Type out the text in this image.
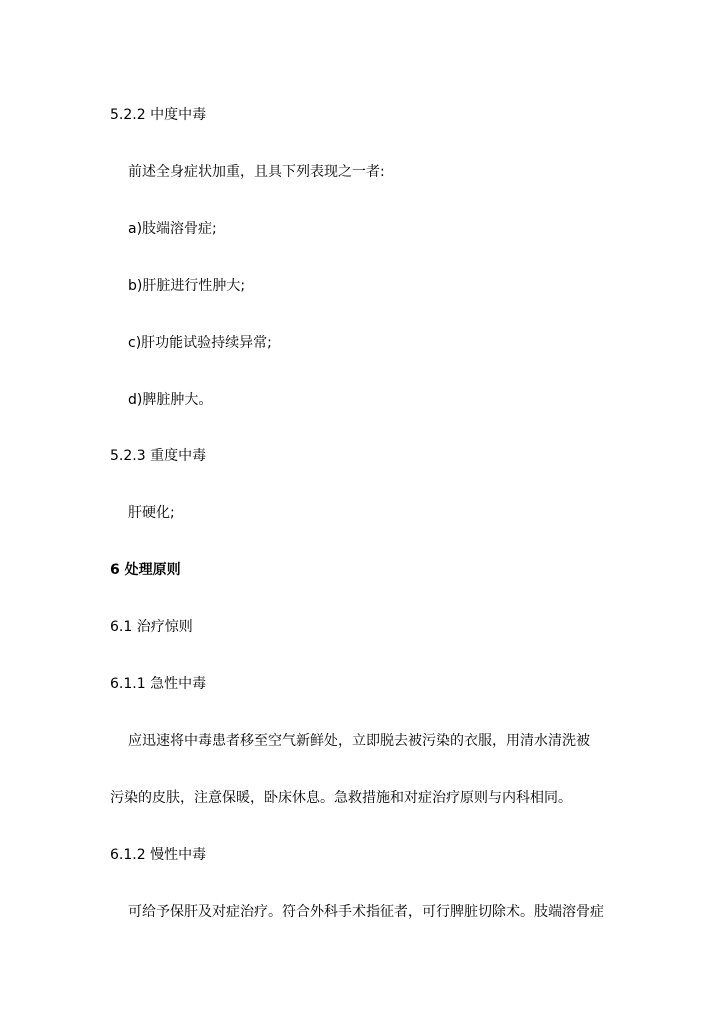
5.2.2 中度中毒
前述全身症状加重，且具下列表现之一者:
a)肢端溶骨症;
b)肝脏进行性肿大;
c)肝功能试验持续异常;
d)脾脏肿大。
5.2.3 重度中毒
肝硬化;
6 处理原则
6.1 治疗惊则
6.1.1 急性中毒
应迅速将中毒患者移至空气新鲜处，立即脱去被污染的衣服，用清水清洗被
污染的皮肤，注意保暖，卧床休息。急救措施和对症治疗原则与内科相同。
6.1.2 慢性中毒
可给予保肝及对症治疗。符合外科手术指征者，可行脾脏切除术。肢端溶骨症
